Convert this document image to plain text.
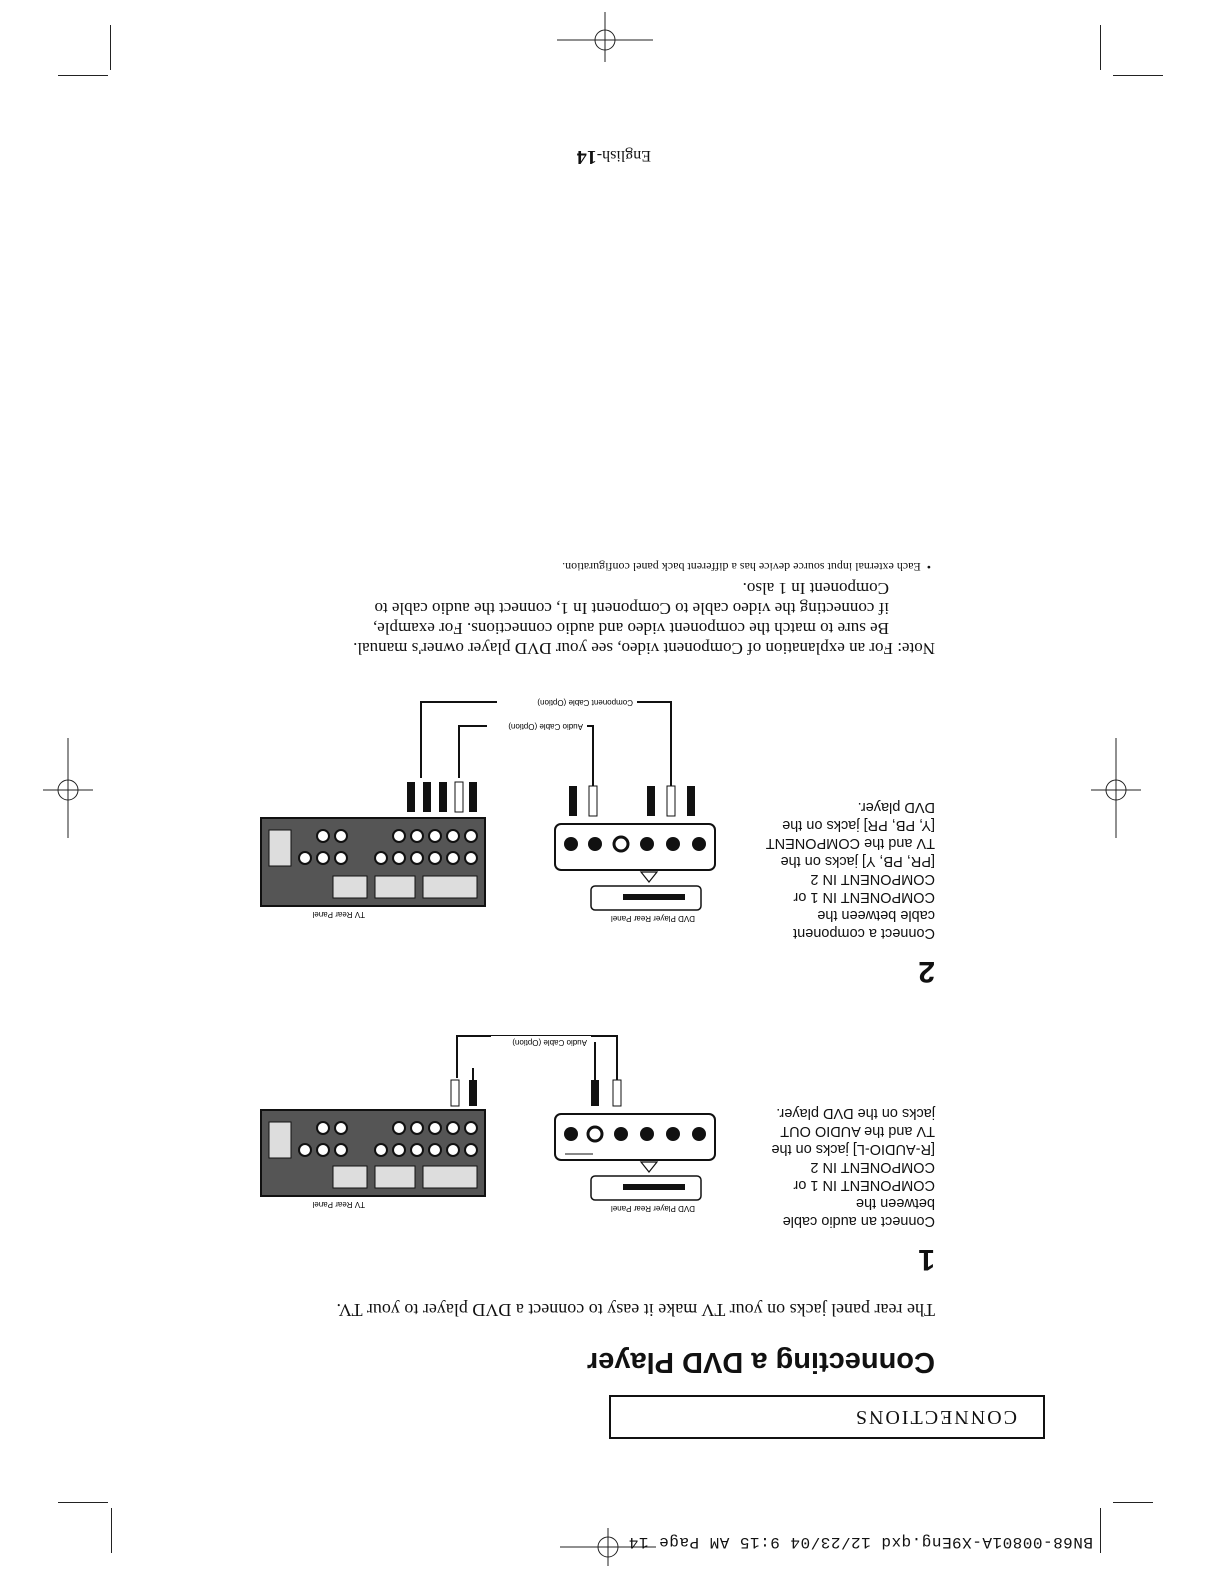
BN68-00801A-X9Eng.qxd 12/23/04 9:15 AM Page 14
CONNECTIONS
Connecting a DVD Player
The rear panel jacks on your TV make it easy to connect a DVD player to your TV.
1
Connect an audio cable
between the
COMPONENT IN 1 or
COMPONENT IN 2
[R-AUDIO-L] jacks on the
TV and the AUDIO OUT
jacks on the DVD player.
DVD Player Rear Panel
Audio Cable (Option)
TV Rear Panel
2
Connect a component
cable between the
COMPONENT IN 1 or
COMPONENT IN 2
[PR, PB, Y] jacks on the
TV and the COMPONENT
[Y, PB, PR] jacks on the
DVD player.
DVD Player Rear Panel
Component Cable (Option)
Audio Cable (Option)
TV Rear Panel
Note: For an explanation of Component video, see your DVD player owner's manual.
Be sure to match the component video and audio connections. For example,
if connecting the video cable to Component In 1, connect the audio cable to
Component In 1 also.
•  Each external input source device has a different back panel configuration.
English-14
